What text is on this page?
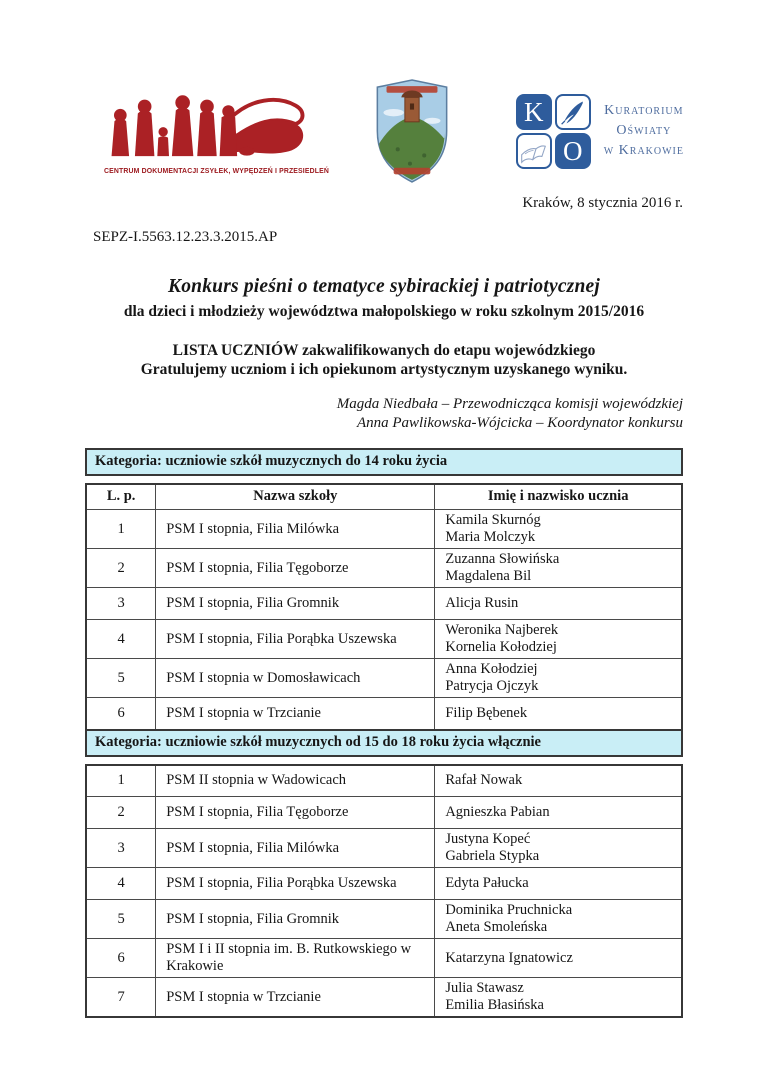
CENTRUM DOKUMENTACJI ZSYŁEK, WYPĘDZEŃ I PRZESIEDLEŃ
K
O
Kuratorium
Oświaty
w Krakowie
Kraków, 8 stycznia 2016 r.
SEPZ-I.5563.12.23.3.2015.AP
Konkurs pieśni o tematyce sybirackiej i patriotycznej
dla dzieci i młodzieży województwa małopolskiego w roku szkolnym 2015/2016
LISTA UCZNIÓW zakwalifikowanych do etapu wojewódzkiego
Gratulujemy uczniom i ich opiekunom artystycznym uzyskanego wyniku.
Magda Niedbała – Przewodnicząca komisji wojewódzkiej
Anna Pawlikowska-Wójcicka – Koordynator konkursu
Kategoria: uczniowie szkół muzycznych do 14 roku życia
L. p.	Nazwa szkoły	Imię i nazwisko ucznia
1	PSM I stopnia, Filia Milówka	Kamila Skurnóg
Maria Molczyk

2	PSM I stopnia, Filia Tęgoborze	Zuzanna Słowińska
Magdalena Bil

3	PSM I stopnia, Filia Gromnik	Alicja Rusin

4	PSM I stopnia, Filia Porąbka Uszewska	Weronika Najberek
Kornelia Kołodziej

5	PSM I stopnia w Domosławicach	Anna Kołodziej
Patrycja Ojczyk

6	PSM I stopnia w Trzcianie	Filip Bębenek
Kategoria: uczniowie szkół muzycznych od 15 do 18 roku życia włącznie
1	PSM II stopnia w Wadowicach	Rafał Nowak

2	PSM I stopnia, Filia Tęgoborze	Agnieszka Pabian

3	PSM I stopnia, Filia Milówka	Justyna Kopeć
Gabriela Stypka

4	PSM I stopnia, Filia Porąbka Uszewska	Edyta Pałucka

5	PSM I stopnia, Filia Gromnik	Dominika Pruchnicka
Aneta Smoleńska

6	PSM I i II stopnia im. B. Rutkowskiego w Krakowie	Katarzyna Ignatowicz

7	PSM I stopnia w Trzcianie	Julia Stawasz
Emilia Błasińska
